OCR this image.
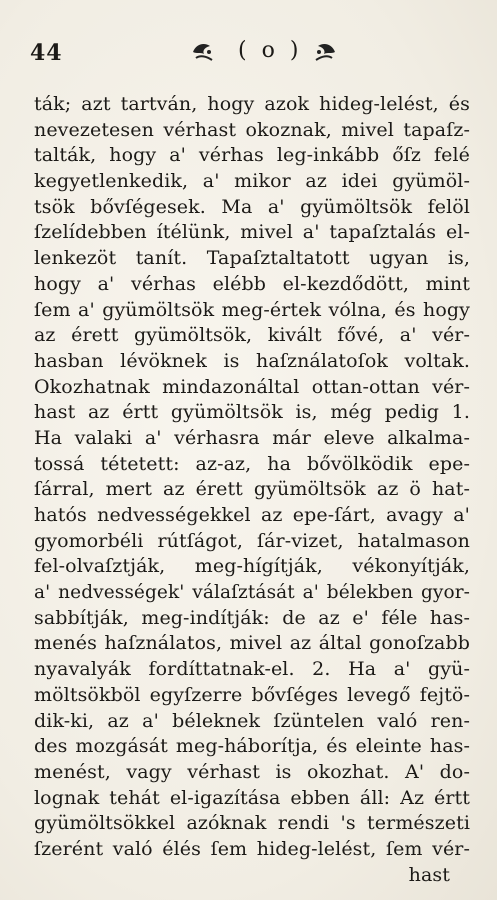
44	( o )
ták; azt tartván, hogy azok hideg-lelést, és
nevezetesen vérhast okoznak, mivel tapaſz-
talták, hogy a' vérhas leg-inkább őſz felé
kegyetlenkedik, a' mikor az idei gyümöl-
tsök bővſégesek. Ma a' gyümöltsök felöl
ſzelídebben ítélünk, mivel a' tapaſztalás el-
lenkezöt tanít. Tapaſztaltatott ugyan is,
hogy a' vérhas elébb el-kezdődött, mint
ſem a' gyümöltsök meg-értek vólna, és hogy
az érett gyümöltsök, kivált fővé, a' vér-
hasban lévöknek is haſználatoſok voltak.
Okozhatnak mindazonáltal ottan-ottan vér-
hast az értt gyümöltsök is, még pedig 1.
Ha valaki a' vérhasra már eleve alkalma-
tossá tétetett: az-az, ha bővölködik epe-
ſárral, mert az érett gyümöltsök az ö hat-
hatós nedvességekkel az epe-ſárt, avagy a'
gyomorbéli rútſágot, ſár-vizet, hatalmason
fel-olvaſztják, meg-hígítják, vékonyítják,
a' nedvességek' válaſztását a' bélekben gyor-
sabbítják, meg-indítják: de az e' féle has-
menés haſználatos, mivel az által gonoſzabb
nyavalyák fordíttatnak-el. 2. Ha a' gyü-
möltsökböl egyſzerre bővſéges levegő fejtö-
dik-ki, az a' béleknek ſzüntelen való ren-
des mozgását meg-háborítja, és eleinte has-
menést, vagy vérhast is okozhat. A' do-
lognak tehát el-igazítása ebben áll: Az értt
gyümöltsökkel azóknak rendi 's természeti
ſzerént való élés ſem hideg-lelést, ſem vér-
hast
